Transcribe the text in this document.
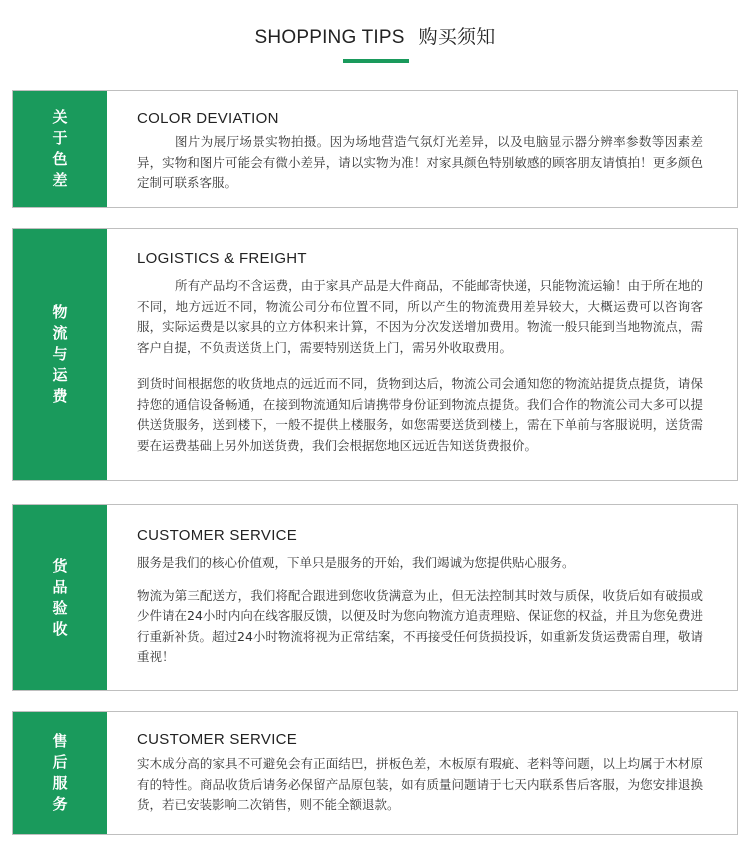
SHOPPING TIPS 购买须知
关于色差

COLOR DEVIATION

图片为展厅场景实物拍摄。因为场地营造气氛灯光差异，以及电脑显示器分辨率参数等因素差异，实物和图片可能会有微小差异，请以实物为准！对家具颜色特别敏感的顾客朋友请慎拍！更多颜色定制可联系客服。

物流与运费

LOGISTICS & FREIGHT

所有产品均不含运费，由于家具产品是大件商品，不能邮寄快递，只能物流运输！由于所在地的不同，地方远近不同，物流公司分布位置不同，所以产生的物流费用差异较大，大概运费可以咨询客服，实际运费是以家具的立方体积来计算，不因为分次发送增加费用。物流一般只能到当地物流点，需客户自提，不负责送货上门，需要特别送货上门，需另外收取费用。

到货时间根据您的收货地点的远近而不同，货物到达后，物流公司会通知您的物流站提货点提货，请保持您的通信设备畅通，在接到物流通知后请携带身份证到物流点提货。我们合作的物流公司大多可以提供送货服务，送到楼下，一般不提供上楼服务，如您需要送货到楼上，需在下单前与客服说明，送货需要在运费基础上另外加送货费，我们会根据您地区远近告知送货费报价。

货品验收

CUSTOMER SERVICE

服务是我们的核心价值观，下单只是服务的开始，我们竭诚为您提供贴心服务。

物流为第三配送方，我们将配合跟进到您收货满意为止，但无法控制其时效与质保，收货后如有破损或少件请在24小时内向在线客服反馈，以便及时为您向物流方追责理赔、保证您的权益，并且为您免费进行重新补货。超过24小时物流将视为正常结案，不再接受任何货损投诉，如重新发货运费需自理，敬请重视！

售后服务

CUSTOMER SERVICE

实木成分高的家具不可避免会有正面结巴，拼板色差，木板原有瑕疵、老料等问题，以上均属于木材原有的特性。商品收货后请务必保留产品原包装，如有质量问题请于七天内联系售后客服，为您安排退换货，若已安装影响二次销售，则不能全额退款。
